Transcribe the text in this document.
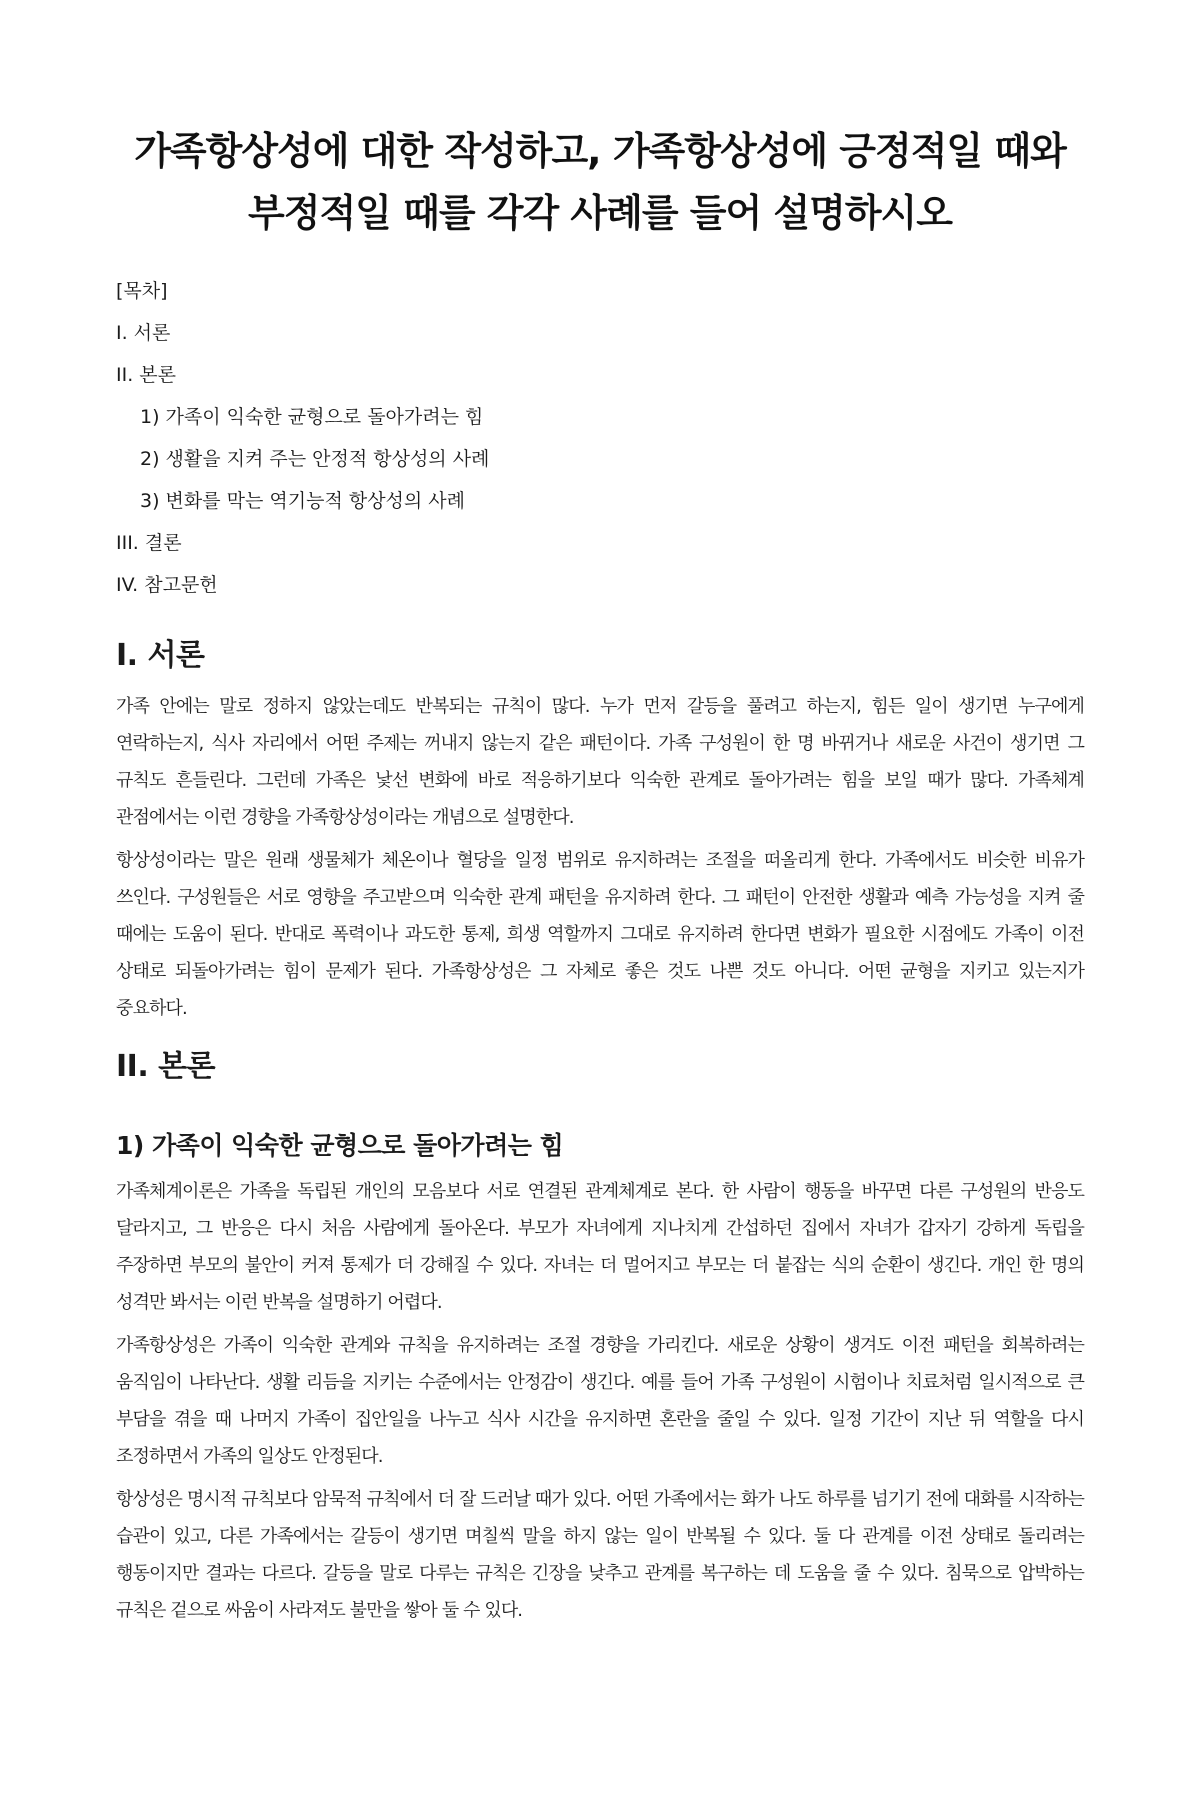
가족항상성에 대한 작성하고, 가족항상성에 긍정적일 때와 부정적일 때를 각각 사례를 들어 설명하시오

[목차]

I. 서론
II. 본론
1) 가족이 익숙한 균형으로 돌아가려는 힘
2) 생활을 지켜 주는 안정적 항상성의 사례
3) 변화를 막는 역기능적 항상성의 사례
III. 결론
IV. 참고문헌
I. 서론

가족 안에는 말로 정하지 않았는데도 반복되는 규칙이 많다. 누가 먼저 갈등을 풀려고 하는지, 힘든 일이 생기면 누구에게 연락하는지, 식사 자리에서 어떤 주제는 꺼내지 않는지 같은 패턴이다. 가족 구성원이 한 명 바뀌거나 새로운 사건이 생기면 그 규칙도 흔들린다. 그런데 가족은 낯선 변화에 바로 적응하기보다 익숙한 관계로 돌아가려는 힘을 보일 때가 많다. 가족체계 관점에서는 이런 경향을 가족항상성이라는 개념으로 설명한다.

항상성이라는 말은 원래 생물체가 체온이나 혈당을 일정 범위로 유지하려는 조절을 떠올리게 한다. 가족에서도 비슷한 비유가 쓰인다. 구성원들은 서로 영향을 주고받으며 익숙한 관계 패턴을 유지하려 한다. 그 패턴이 안전한 생활과 예측 가능성을 지켜 줄 때에는 도움이 된다. 반대로 폭력이나 과도한 통제, 희생 역할까지 그대로 유지하려 한다면 변화가 필요한 시점에도 가족이 이전 상태로 되돌아가려는 힘이 문제가 된다. 가족항상성은 그 자체로 좋은 것도 나쁜 것도 아니다. 어떤 균형을 지키고 있는지가 중요하다.

II. 본론
1) 가족이 익숙한 균형으로 돌아가려는 힘

가족체계이론은 가족을 독립된 개인의 모음보다 서로 연결된 관계체계로 본다. 한 사람이 행동을 바꾸면 다른 구성원의 반응도 달라지고, 그 반응은 다시 처음 사람에게 돌아온다. 부모가 자녀에게 지나치게 간섭하던 집에서 자녀가 갑자기 강하게 독립을 주장하면 부모의 불안이 커져 통제가 더 강해질 수 있다. 자녀는 더 멀어지고 부모는 더 붙잡는 식의 순환이 생긴다. 개인 한 명의 성격만 봐서는 이런 반복을 설명하기 어렵다.

가족항상성은 가족이 익숙한 관계와 규칙을 유지하려는 조절 경향을 가리킨다. 새로운 상황이 생겨도 이전 패턴을 회복하려는 움직임이 나타난다. 생활 리듬을 지키는 수준에서는 안정감이 생긴다. 예를 들어 가족 구성원이 시험이나 치료처럼 일시적으로 큰 부담을 겪을 때 나머지 가족이 집안일을 나누고 식사 시간을 유지하면 혼란을 줄일 수 있다. 일정 기간이 지난 뒤 역할을 다시 조정하면서 가족의 일상도 안정된다.

항상성은 명시적 규칙보다 암묵적 규칙에서 더 잘 드러날 때가 있다. 어떤 가족에서는 화가 나도 하루를 넘기기 전에 대화를 시작하는 습관이 있고, 다른 가족에서는 갈등이 생기면 며칠씩 말을 하지 않는 일이 반복될 수 있다. 둘 다 관계를 이전 상태로 돌리려는 행동이지만 결과는 다르다. 갈등을 말로 다루는 규칙은 긴장을 낮추고 관계를 복구하는 데 도움을 줄 수 있다. 침묵으로 압박하는 규칙은 겉으로 싸움이 사라져도 불만을 쌓아 둘 수 있다.
